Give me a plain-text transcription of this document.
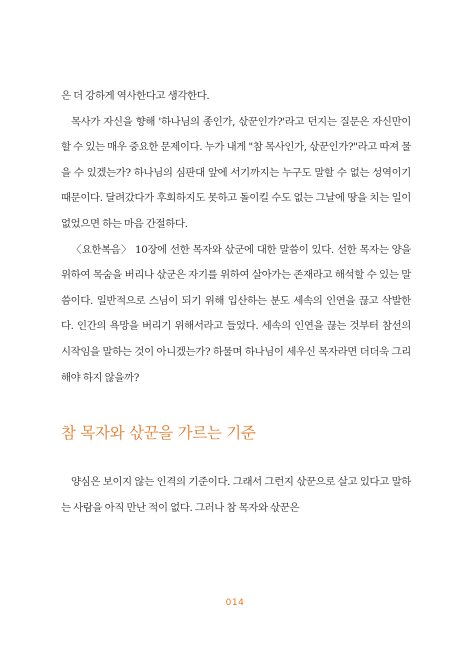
은 더 강하게 역사한다고 생각한다.

목사가 자신을 향해 '하나님의 종인가, 삯꾼인가?'라고 던지는 질문은 자신만이 할 수 있는 매우 중요한 문제이다. 누가 내게 "참 목사인가, 삯꾼인가?"라고 따져 물을 수 있겠는가? 하나님의 심판대 앞에 서기까지는 누구도 말할 수 없는 성역이기 때문이다. 달려갔다가 후회하지도 못하고 돌이킬 수도 없는 그날에 땅을 치는 일이 없었으면 하는 마음 간절하다.

〈요한복음〉 10장에 선한 목자와 삯군에 대한 말씀이 있다. 선한 목자는 양을 위하여 목숨을 버리나 삯군은 자기를 위하여 살아가는 존재라고 해석할 수 있는 말씀이다. 일반적으로 스님이 되기 위해 입산하는 분도 세속의 인연을 끊고 삭발한다. 인간의 욕망을 버리기 위해서라고 들었다. 세속의 인연을 끊는 것부터 참선의 시작임을 말하는 것이 아니겠는가? 하물며 하나님이 세우신 목자라면 더더욱 그리해야 하지 않을까?

참 목자와 삯꾼을 가르는 기준

양심은 보이지 않는 인격의 기준이다. 그래서 그런지 삯꾼으로 살고 있다고 말하는 사람을 아직 만난 적이 없다. 그러나 참 목자와 삯꾼은

014
